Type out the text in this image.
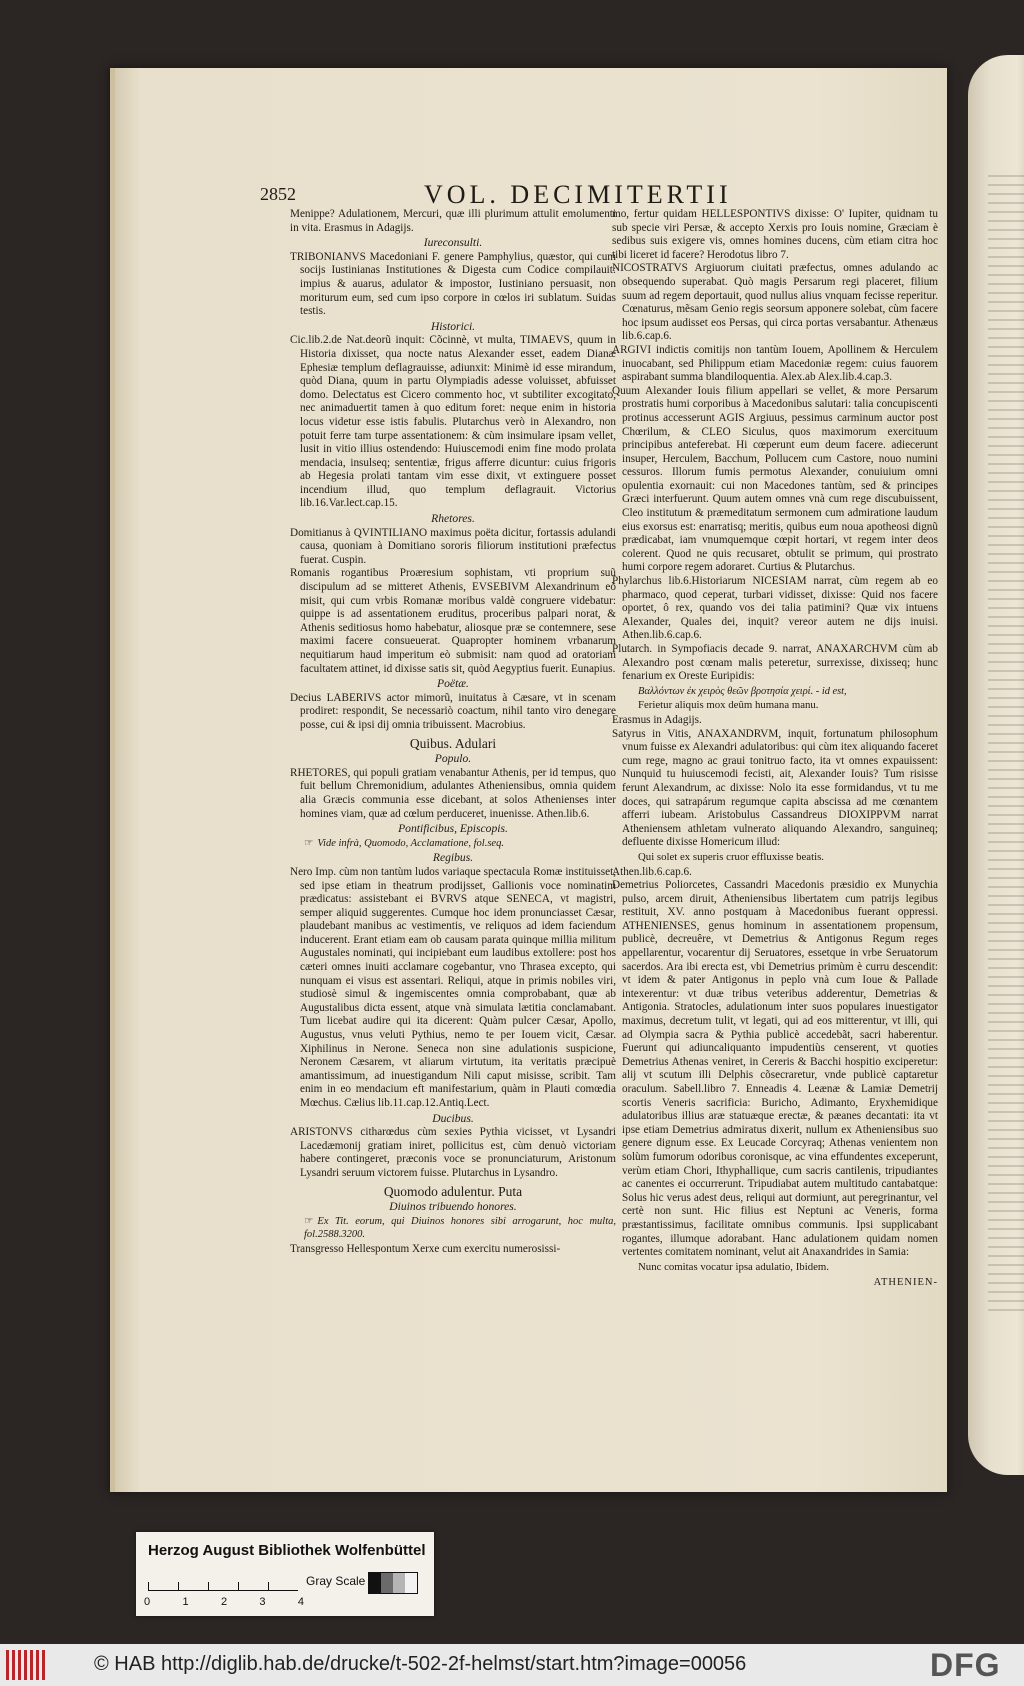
2852	VOL. DECIMITERTII

Menippe? Adulationem, Mercuri, quæ illi plurimum attulit emolumenti in vita. Erasmus in Adagijs.

Iureconsulti.

TRIBONIANVS Macedoniani F. genere Pamphylius, quæstor, qui cum socijs Iustinianas Institutiones & Digesta cum Codice compilauit: impius & auarus, adulator & impostor, Iustiniano persuasit, non moriturum eum, sed cum ipso corpore in cœlos iri sublatum. Suidas testis.

Historici.

Cic.lib.2.de Nat.deorũ inquit: Cõcinnè, vt multa, TIMAEVS, quum in Historia dixisset, qua nocte natus Alexander esset, eadem Dianæ Ephesiæ templum deflagrauisse, adiunxit: Minimè id esse mirandum, quòd Diana, quum in partu Olympiadis adesse voluisset, abfuisset domo. Delectatus est Cicero commento hoc, vt subtiliter excogitato, nec animaduertit tamen à quo editum foret: neque enim in historia locus videtur esse istis fabulis. Plutarchus verò in Alexandro, non potuit ferre tam turpe assentationem: & cùm insimulare ipsam vellet, lusit in vitio illius ostendendo: Huiuscemodi enim fine modo prolata mendacia, insulseq; sententiæ, frigus afferre dicuntur: cuius frigoris ab Hegesia prolati tantam vim esse dixit, vt extinguere posset incendium illud, quo templum deflagrauit. Victorius lib.16.Var.lect.cap.15.

Rhetores.

Domitianus à QVINTILIANO maximus poëta dicitur, fortassis adulandi causa, quoniam à Domitiano sororis filiorum institutioni præfectus fuerat. Cuspin.

Romanis rogantibus Proæresium sophistam, vti proprium suũ discipulum ad se mitteret Athenis, EVSEBIVM Alexandrinum eò misit, qui cum vrbis Romanæ moribus valdè congruere videbatur: quippe is ad assentationem eruditus, proceribus palpari norat, & Athenis seditiosus homo habebatur, aliosque præ se contemnere, sese maximi facere consueuerat. Quapropter hominem vrbanarum nequitiarum haud imperitum eò submisit: nam quod ad oratoriam facultatem attinet, id dixisse satis sit, quòd Aegyptius fuerit. Eunapius.

Poëtæ.

Decius LABERIVS actor mimorũ, inuitatus à Cæsare, vt in scenam prodiret: respondit, Se necessariò coactum, nihil tanto viro denegare posse, cui & ipsi dij omnia tribuissent. Macrobius.

Quibus. Adulari
Populo.

RHETORES, qui populi gratiam venabantur Athenis, per id tempus, quo fuit bellum Chremonidium, adulantes Atheniensibus, omnia quidem alia Græcis communia esse dicebant, at solos Athenienses inter homines viam, quæ ad cœlum perduceret, inuenisse. Athen.lib.6.

Pontificibus, Episcopis.
☞ Vide infrà, Quomodo, Acclamatione, fol.seq.
Regibus.

Nero Imp. cùm non tantùm ludos variaque spectacula Romæ instituisset, sed ipse etiam in theatrum prodijsset, Gallionis voce nominatim prædicatus: assistebant ei BVRVS atque SENECA, vt magistri, semper aliquid suggerentes. Cumque hoc idem pronunciasset Cæsar, plaudebant manibus ac vestimentis, ve reliquos ad idem faciendum inducerent. Erant etiam eam ob causam parata quinque millia militum Augustales nominati, qui incipiebant eum laudibus extollere: post hos cæteri omnes inuiti acclamare cogebantur, vno Thrasea excepto, qui nunquam ei visus est assentari. Reliqui, atque in primis nobiles viri, studiosè simul & ingemiscentes omnia comprobabant, quæ ab Augustalibus dicta essent, atque vnà simulata lætitia conclamabant. Tum licebat audire qui ita dicerent: Quàm pulcer Cæsar, Apollo, Augustus, vnus veluti Pythius, nemo te per Iouem vicit, Cæsar. Xiphilinus in Nerone. Seneca non sine adulationis suspicione, Neronem Cæsarem, vt aliarum virtutum, ita veritatis præcipuè amantissimum, ad inuestigandum Nili caput misisse, scribit. Tam enim in eo mendacium eft manifestarium, quàm in Plauti comœdia Mœchus. Cælius lib.11.cap.12.Antiq.Lect.

Ducibus.

ARISTONVS citharœdus cùm sexies Pythia vicisset, vt Lysandri Lacedæmonij gratiam iniret, pollicitus est, cùm denuò victoriam habere contingeret, præconis voce se pronunciaturum, Aristonum Lysandri seruum victorem fuisse. Plutarchus in Lysandro.

Quomodo adulentur. Puta
Diuinos tribuendo honores.
☞ Ex Tit. eorum, qui Diuinos honores sibi arrogarunt, hoc multa, fol.2588.3200.

Transgresso Hellespontum Xerxe cum exercitu numerosissi-

mo, fertur quidam HELLESPONTIVS dixisse: O' Iupiter, quidnam tu sub specie viri Persæ, & accepto Xerxis pro Iouis nomine, Græciam è sedibus suis exigere vis, omnes homines ducens, cùm etiam citra hoc tibi liceret id facere? Herodotus libro 7.

NICOSTRATVS Argiuorum ciuitati præfectus, omnes adulando ac obsequendo superabat. Quò magis Persarum regi placeret, filium suum ad regem deportauit, quod nullus alius vnquam fecisse reperitur. Cœnaturus, mẽsam Genio regis seorsum apponere solebat, cùm facere hoc ipsum audisset eos Persas, qui circa portas versabantur. Athenæus lib.6.cap.6.

ARGIVI indictis comitijs non tantùm Iouem, Apollinem & Herculem inuocabant, sed Philippum etiam Macedoniæ regem: cuius fauorem aspirabant summa blandiloquentia. Alex.ab Alex.lib.4.cap.3.

Quum Alexander Iouis filium appellari se vellet, & more Persarum prostratis humi corporibus à Macedonibus salutari: talia concupiscenti protinus accesserunt AGIS Argiuus, pessimus carminum auctor post Chœrilum, & CLEO Siculus, quos maximorum exercituum principibus anteferebat. Hi cœperunt eum deum facere. adiecerunt insuper, Herculem, Bacchum, Pollucem cum Castore, nouo numini cessuros. Illorum fumis permotus Alexander, conuiuium omni opulentia exornauit: cui non Macedones tantùm, sed & principes Græci interfuerunt. Quum autem omnes vnà cum rege discubuissent, Cleo institutum & præmeditatum sermonem cum admiratione laudum eius exorsus est: enarratisq; meritis, quibus eum noua apotheosi dignũ prædicabat, iam vnumquemque cœpit hortari, vt regem inter deos colerent. Quod ne quis recusaret, obtulit se primum, qui prostrato humi corpore regem adoraret. Curtius & Plutarchus.

Phylarchus lib.6.Historiarum NICESIAM narrat, cùm regem ab eo pharmaco, quod ceperat, turbari vidisset, dixisse: Quid nos facere oportet, ô rex, quando vos dei talia patimini? Quæ vix intuens Alexander, Quales dei, inquit? vereor autem ne dijs inuisi. Athen.lib.6.cap.6.

Plutarch. in Sympofiacis decade 9. narrat, ANAXARCHVM cùm ab Alexandro post cœnam malis peteretur, surrexisse, dixisseq; hunc fenarium ex Oreste Euripidis:

Βαλλόντων ἐκ χειρὸς θεῶν βροτησία χειρί. - id est,
Ferietur aliquis mox deûm humana manu.

Erasmus in Adagijs.

Satyrus in Vitis, ANAXANDRVM, inquit, fortunatum philosophum vnum fuisse ex Alexandri adulatoribus: qui cùm itex aliquando faceret cum rege, magno ac graui tonitruo facto, ita vt omnes expauissent: Nunquid tu huiuscemodi fecisti, ait, Alexander Iouis? Tum risisse ferunt Alexandrum, ac dixisse: Nolo ita esse formidandus, vt tu me doces, qui satrapárum regumque capita abscissa ad me cœnantem afferri iubeam. Aristobulus Cassandreus DIOXIPPVM narrat Atheniensem athletam vulnerato aliquando Alexandro, sanguineq; defluente dixisse Homericum illud:

Qui solet ex superis cruor effluxisse beatis.

Athen.lib.6.cap.6.

Demetrius Poliorcetes, Cassandri Macedonis præsidio ex Munychia pulso, arcem diruit, Atheniensibus libertatem cum patrijs legibus restituit, XV. anno postquam à Macedonibus fuerant oppressi. ATHENIENSES, genus hominum in assentationem propensum, publicè, decreuêre, vt Demetrius & Antigonus Regum reges appellarentur, vocarentur dij Seruatores, essetque in vrbe Seruatorum sacerdos. Ara ibi erecta est, vbi Demetrius primùm è curru descendit: vt idem & pater Antigonus in peplo vnà cum Ioue & Pallade intexerentur: vt duæ tribus veteribus adderentur, Demetrias & Antigonia. Stratocles, adulationum inter suos populares inuestigator maximus, decretum tulit, vt legati, qui ad eos mitterentur, vt illi, qui ad Olympia sacra & Pythia publicè accedebãt, sacri haberentur. Fuerunt qui adiuncaliquanto impudentiùs censerent, vt quoties Demetrius Athenas veniret, in Cereris & Bacchi hospitio exciperetur: alij vt scutum illi Delphis cõsecraretur, vnde publicè captaretur oraculum. Sabell.libro 7. Enneadis 4. Leænæ & Lamiæ Demetrij scortis Veneris sacrificia: Buricho, Adimanto, Eryxhemidique adulatoribus illius aræ statuæque erectæ, & pæanes decantati: ita vt ipse etiam Demetrius admiratus dixerit, nullum ex Atheniensibus suo genere dignum esse. Ex Leucade Corcyraq; Athenas venientem non solùm fumorum odoribus coronisque, ac vina effundentes exceperunt, verùm etiam Chori, Ithyphallique, cum sacris cantilenis, tripudiantes ac canentes ei occurrerunt. Tripudiabat autem multitudo cantabatque: Solus hic verus adest deus, reliqui aut dormiunt, aut peregrinantur, vel certè non sunt. Hic filius est Neptuni ac Veneris, forma præstantissimus, facilitate omnibus communis. Ipsi supplicabant rogantes, illumque adorabant. Hanc adulationem quidam nomen vertentes comitatem nominant, velut ait Anaxandrides in Samia:

Nunc comitas vocatur ipsa adulatio, Ibidem.
ATHENIEN-
Herzog August Bibliothek Wolfenbüttel
0	1	2	3	4
Gray Scale
© HAB http://diglib.hab.de/drucke/t-502-2f-helmst/start.htm?image=00056	DFG
